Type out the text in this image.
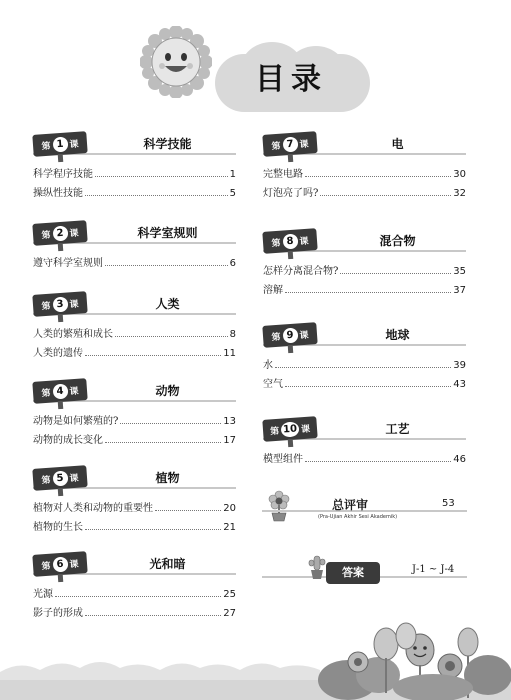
目录
第 1 课	科学技能
科学程序技能	1
操纵性技能	5
第 2 课	科学室规则
遵守科学室规则	6
第 3 课	人类
人类的繁殖和成长	8
人类的遗传	11
第 4 课	动物
动物是如何繁殖的?	13
动物的成长变化	17
第 5 课	植物
植物对人类和动物的重要性	20
植物的生长	21
第 6 课	光和暗
光源	25
影子的形成	27
第 7 课	电
完整电路	30
灯泡亮了吗?	32
第 8 课	混合物
怎样分离混合物?	35
溶解	37
第 9 课	地球
水	39
空气	43
第 10 课	工艺
模型组件	46
总评审	53
(Pra-Ujian Akhir Sesi Akademik)
答案	J-1 ~ J-4
